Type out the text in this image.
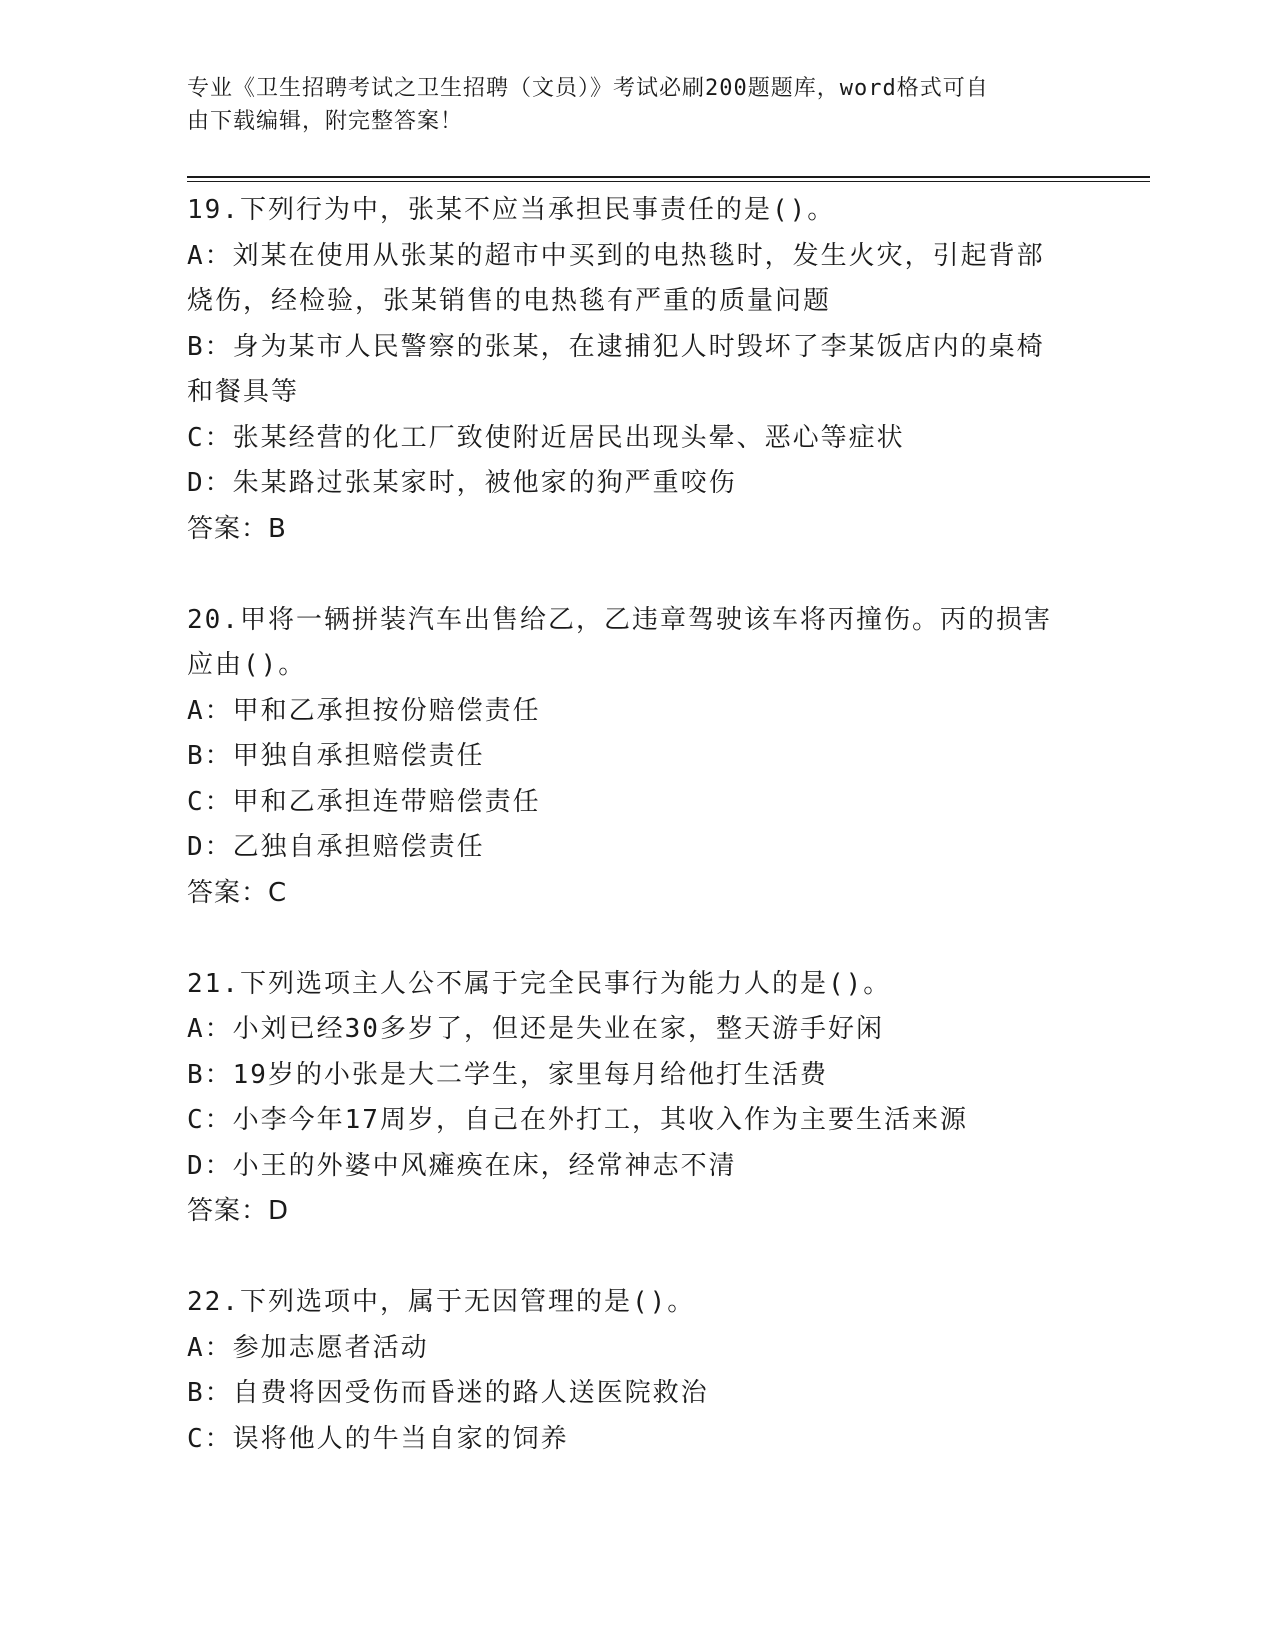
专业《卫生招聘考试之卫生招聘（文员）》考试必刷200题题库，word格式可自
由下载编辑，附完整答案！
19.下列行为中，张某不应当承担民事责任的是()。
A：刘某在使用从张某的超市中买到的电热毯时，发生火灾，引起背部
烧伤，经检验，张某销售的电热毯有严重的质量问题
B：身为某市人民警察的张某，在逮捕犯人时毁坏了李某饭店内的桌椅
和餐具等
C：张某经营的化工厂致使附近居民出现头晕、恶心等症状
D：朱某路过张某家时，被他家的狗严重咬伤
答案：B
20.甲将一辆拼装汽车出售给乙，乙违章驾驶该车将丙撞伤。丙的损害
应由()。
A：甲和乙承担按份赔偿责任
B：甲独自承担赔偿责任
C：甲和乙承担连带赔偿责任
D：乙独自承担赔偿责任
答案：C
21.下列选项主人公不属于完全民事行为能力人的是()。
A：小刘已经30多岁了，但还是失业在家，整天游手好闲
B：19岁的小张是大二学生，家里每月给他打生活费
C：小李今年17周岁，自己在外打工，其收入作为主要生活来源
D：小王的外婆中风瘫痪在床，经常神志不清
答案：D
22.下列选项中，属于无因管理的是()。
A：参加志愿者活动
B：自费将因受伤而昏迷的路人送医院救治
C：误将他人的牛当自家的饲养
